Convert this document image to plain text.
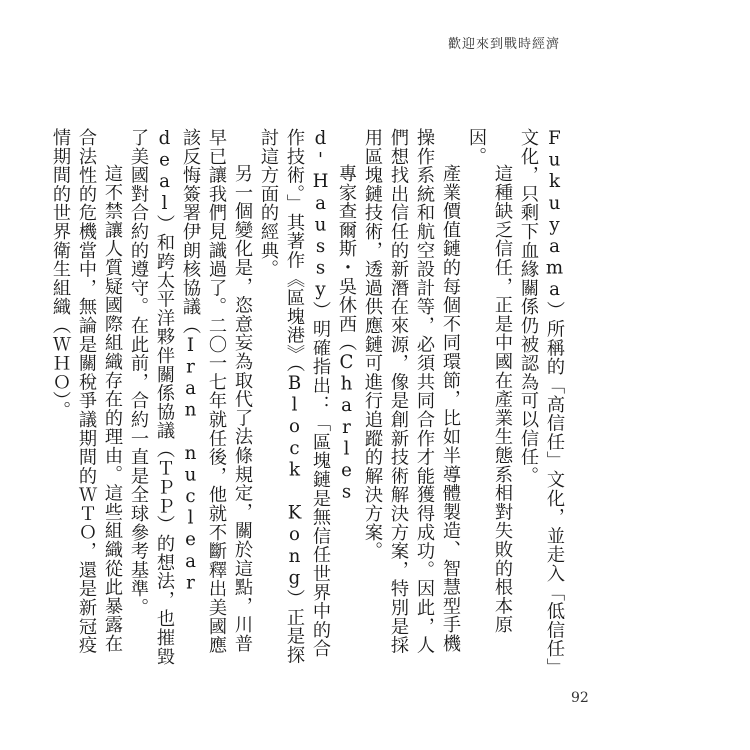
歡迎來到戰時經濟

Fukuyama）所稱的「高信任」文化，並走入「低信任」文化，只剩下血緣關係仍被認為可以信任。

這種缺乏信任，正是中國在產業生態系相對失敗的根本原因。

產業價值鏈的每個不同環節，比如半導體製造、智慧型手機操作系統和航空設計等，必須共同合作才能獲得成功。因此，人們想找出信任的新潛在來源，像是創新技術解決方案，特別是採用區塊鏈技術，透過供應鏈可進行追蹤的解決方案。

專家查爾斯・吳休西（Charles d'Haussy）明確指出：「區塊鏈是無信任世界中的合作技術。」其著作《區塊港》（Block Kong）正是探討這方面的經典。

另一個變化是，恣意妄為取代了法條規定，關於這點，川普早已讓我們見識過了。二〇一七年就任後，他就不斷釋出美國應該反悔簽署伊朗核協議（Iran nuclear deal）和跨太平洋夥伴關係協議（ＴＰＰ）的想法，也摧毀了美國對合約的遵守。在此前，合約一直是全球參考基準。

這不禁讓人質疑國際組織存在的理由。這些組織從此暴露在合法性的危機當中，無論是關稅爭議期間的ＷＴＯ，還是新冠疫情期間的世界衛生組織（ＷＨＯ）。

92
